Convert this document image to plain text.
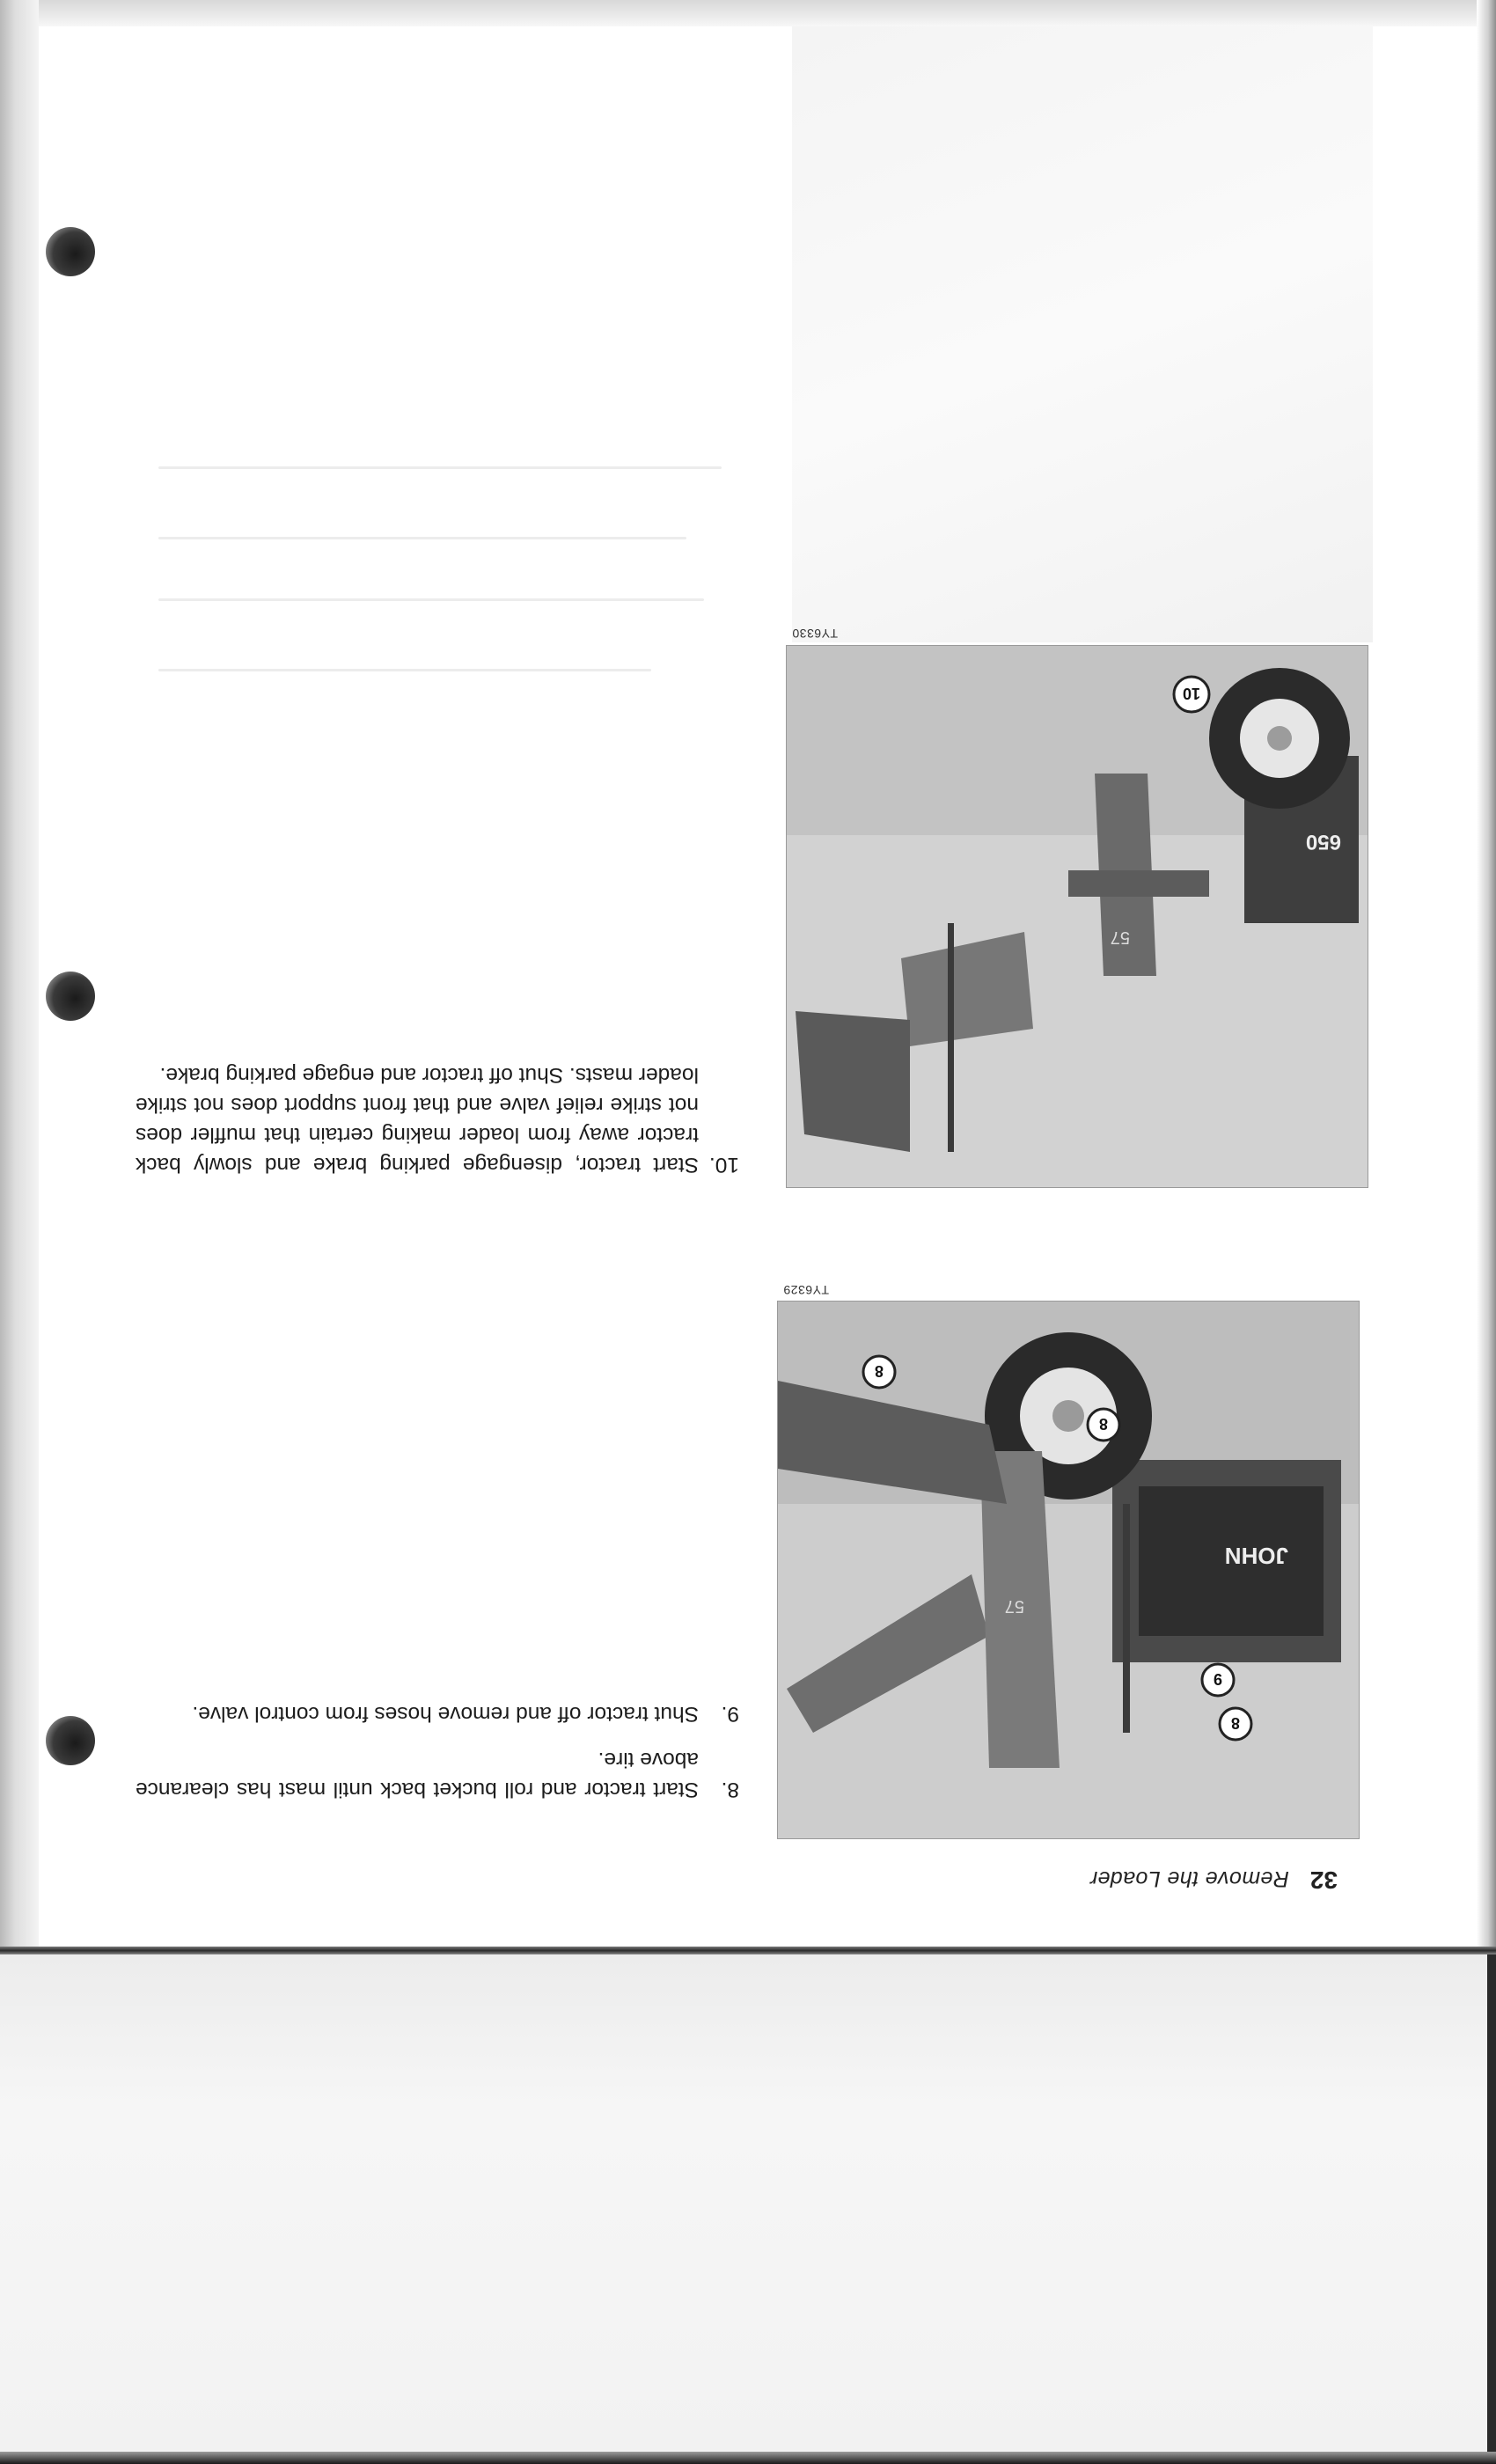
32
Remove the Loader
8
9
8
8
JOHN
57
TY6329
10
650
57
TY6330
8.
Start tractor and roll bucket back until mast has clearance above tire.
9.
Shut tractor off and remove hoses from control valve.
10.
Start tractor, disengage parking brake and slowly back tractor away from loader making certain that muffler does not strike relief valve and that front support does not strike loader masts. Shut off tractor and engage parking brake.
